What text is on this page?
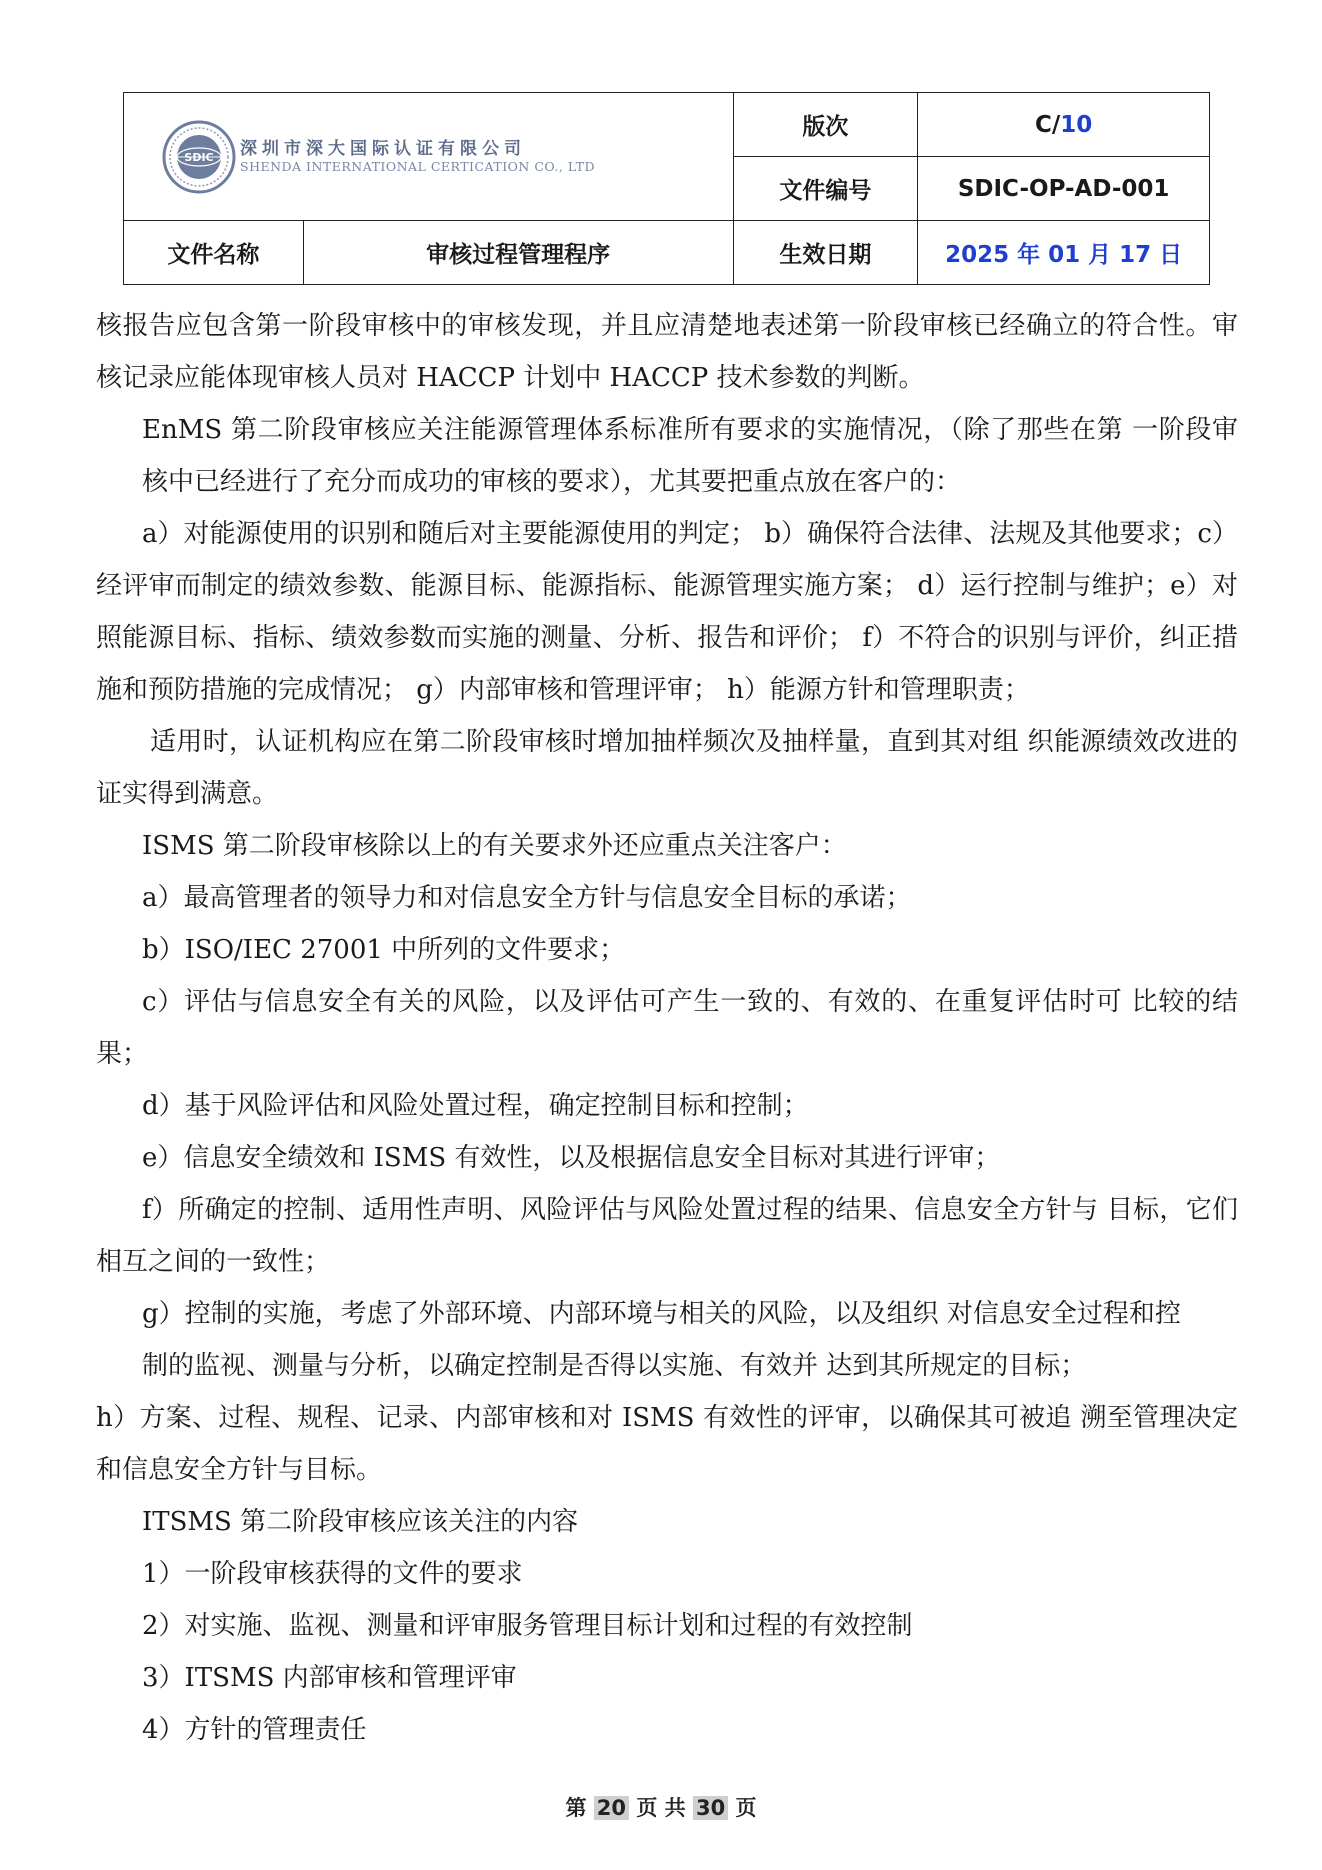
SDIC 深圳市深大国际认证有限公司
SHENDA INTERNATIONAL CERTICATION CO., LTD		版次	C/10
		文件编号	SDIC-OP-AD-001
文件名称	审核过程管理程序	生效日期	2025 年 01 月 17 日

核报告应包含第一阶段审核中的审核发现，并且应清楚地表述第一阶段审核已经确立的符合性。审核记录应能体现审核人员对 HACCP 计划中 HACCP 技术参数的判断。

EnMS 第二阶段审核应关注能源管理体系标准所有要求的实施情况，（除了那些在第 一阶段审核中已经进行了充分而成功的审核的要求），尤其要把重点放在客户的：

a）对能源使用的识别和随后对主要能源使用的判定； b）确保符合法律、法规及其他要求；c）经评审而制定的绩效参数、能源目标、能源指标、能源管理实施方案； d）运行控制与维护；e）对照能源目标、指标、绩效参数而实施的测量、分析、报告和评价； f）不符合的识别与评价，纠正措施和预防措施的完成情况； g）内部审核和管理评审； h）能源方针和管理职责；

适用时，认证机构应在第二阶段审核时增加抽样频次及抽样量，直到其对组 织能源绩效改进的证实得到满意。

ISMS 第二阶段审核除以上的有关要求外还应重点关注客户：

a）最高管理者的领导力和对信息安全方针与信息安全目标的承诺；

b）ISO/IEC 27001 中所列的文件要求；

c）评估与信息安全有关的风险，以及评估可产生一致的、有效的、在重复评估时可 比较的结果；

d）基于风险评估和风险处置过程，确定控制目标和控制；

e）信息安全绩效和 ISMS 有效性，以及根据信息安全目标对其进行评审；

f）所确定的控制、适用性声明、风险评估与风险处置过程的结果、信息安全方针与 目标，它们相互之间的一致性；

g）控制的实施，考虑了外部环境、内部环境与相关的风险，以及组织 对信息安全过程和控

制的监视、测量与分析，以确定控制是否得以实施、有效并 达到其所规定的目标；

h）方案、过程、规程、记录、内部审核和对 ISMS 有效性的评审，以确保其可被追 溯至管理决定和信息安全方针与目标。

ITSMS 第二阶段审核应该关注的内容

1）一阶段审核获得的文件的要求

2）对实施、监视、测量和评审服务管理目标计划和过程的有效控制

3）ITSMS 内部审核和管理评审

4）方针的管理责任

第 20 页 共 30 页
